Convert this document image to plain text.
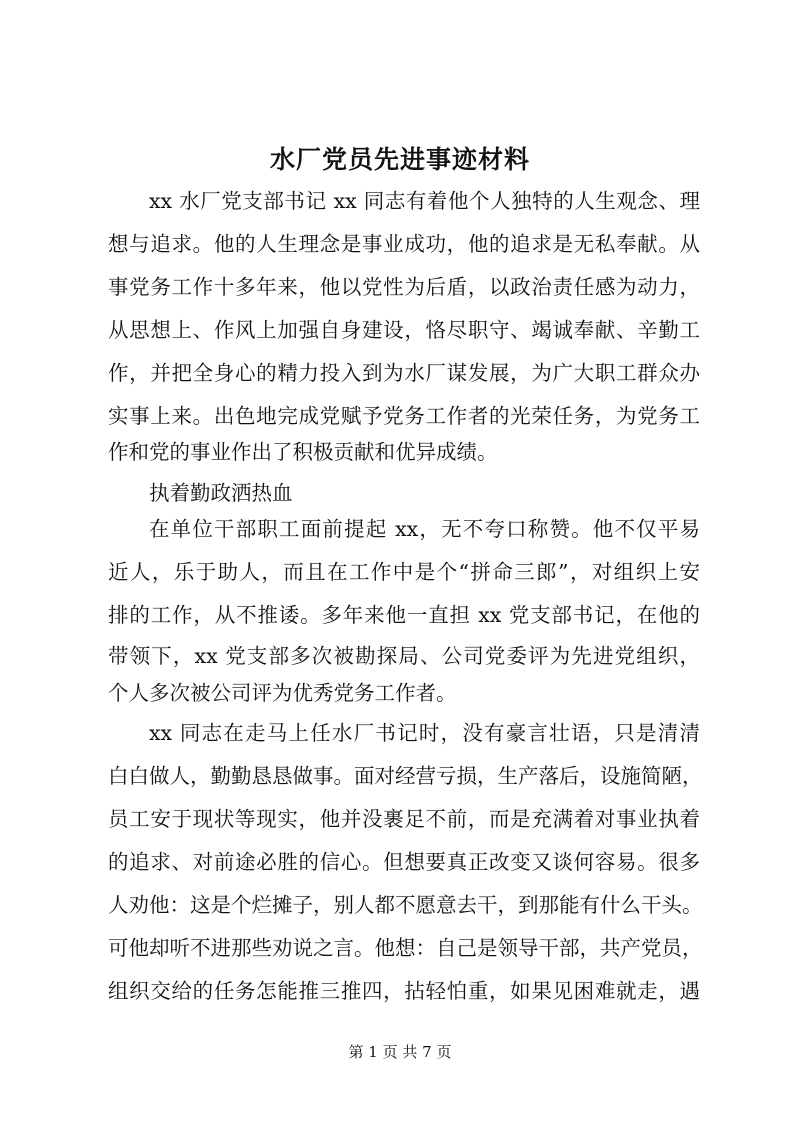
水厂党员先进事迹材料
xx 水厂党支部书记 xx 同志有着他个人独特的人生观念、理
想与追求。他的人生理念是事业成功，他的追求是无私奉献。从
事党务工作十多年来，他以党性为后盾，以政治责任感为动力，
从思想上、作风上加强自身建设，恪尽职守、竭诚奉献、辛勤工
作，并把全身心的精力投入到为水厂谋发展，为广大职工群众办
实事上来。出色地完成党赋予党务工作者的光荣任务，为党务工
作和党的事业作出了积极贡献和优异成绩。
执着勤政洒热血
在单位干部职工面前提起 xx，无不夸口称赞。他不仅平易
近人，乐于助人，而且在工作中是个“拼命三郎”，对组织上安
排的工作，从不推诿。多年来他一直担 xx 党支部书记，在他的
带领下，xx 党支部多次被勘探局、公司党委评为先进党组织，
个人多次被公司评为优秀党务工作者。
xx 同志在走马上任水厂书记时，没有豪言壮语，只是清清
白白做人，勤勤恳恳做事。面对经营亏损，生产落后，设施简陋，
员工安于现状等现实，他并没裹足不前，而是充满着对事业执着
的追求、对前途必胜的信心。但想要真正改变又谈何容易。很多
人劝他：这是个烂摊子，别人都不愿意去干，到那能有什么干头。
可他却听不进那些劝说之言。他想：自己是领导干部，共产党员，
组织交给的任务怎能推三推四，拈轻怕重，如果见困难就走，遇
第 1 页 共 7 页
